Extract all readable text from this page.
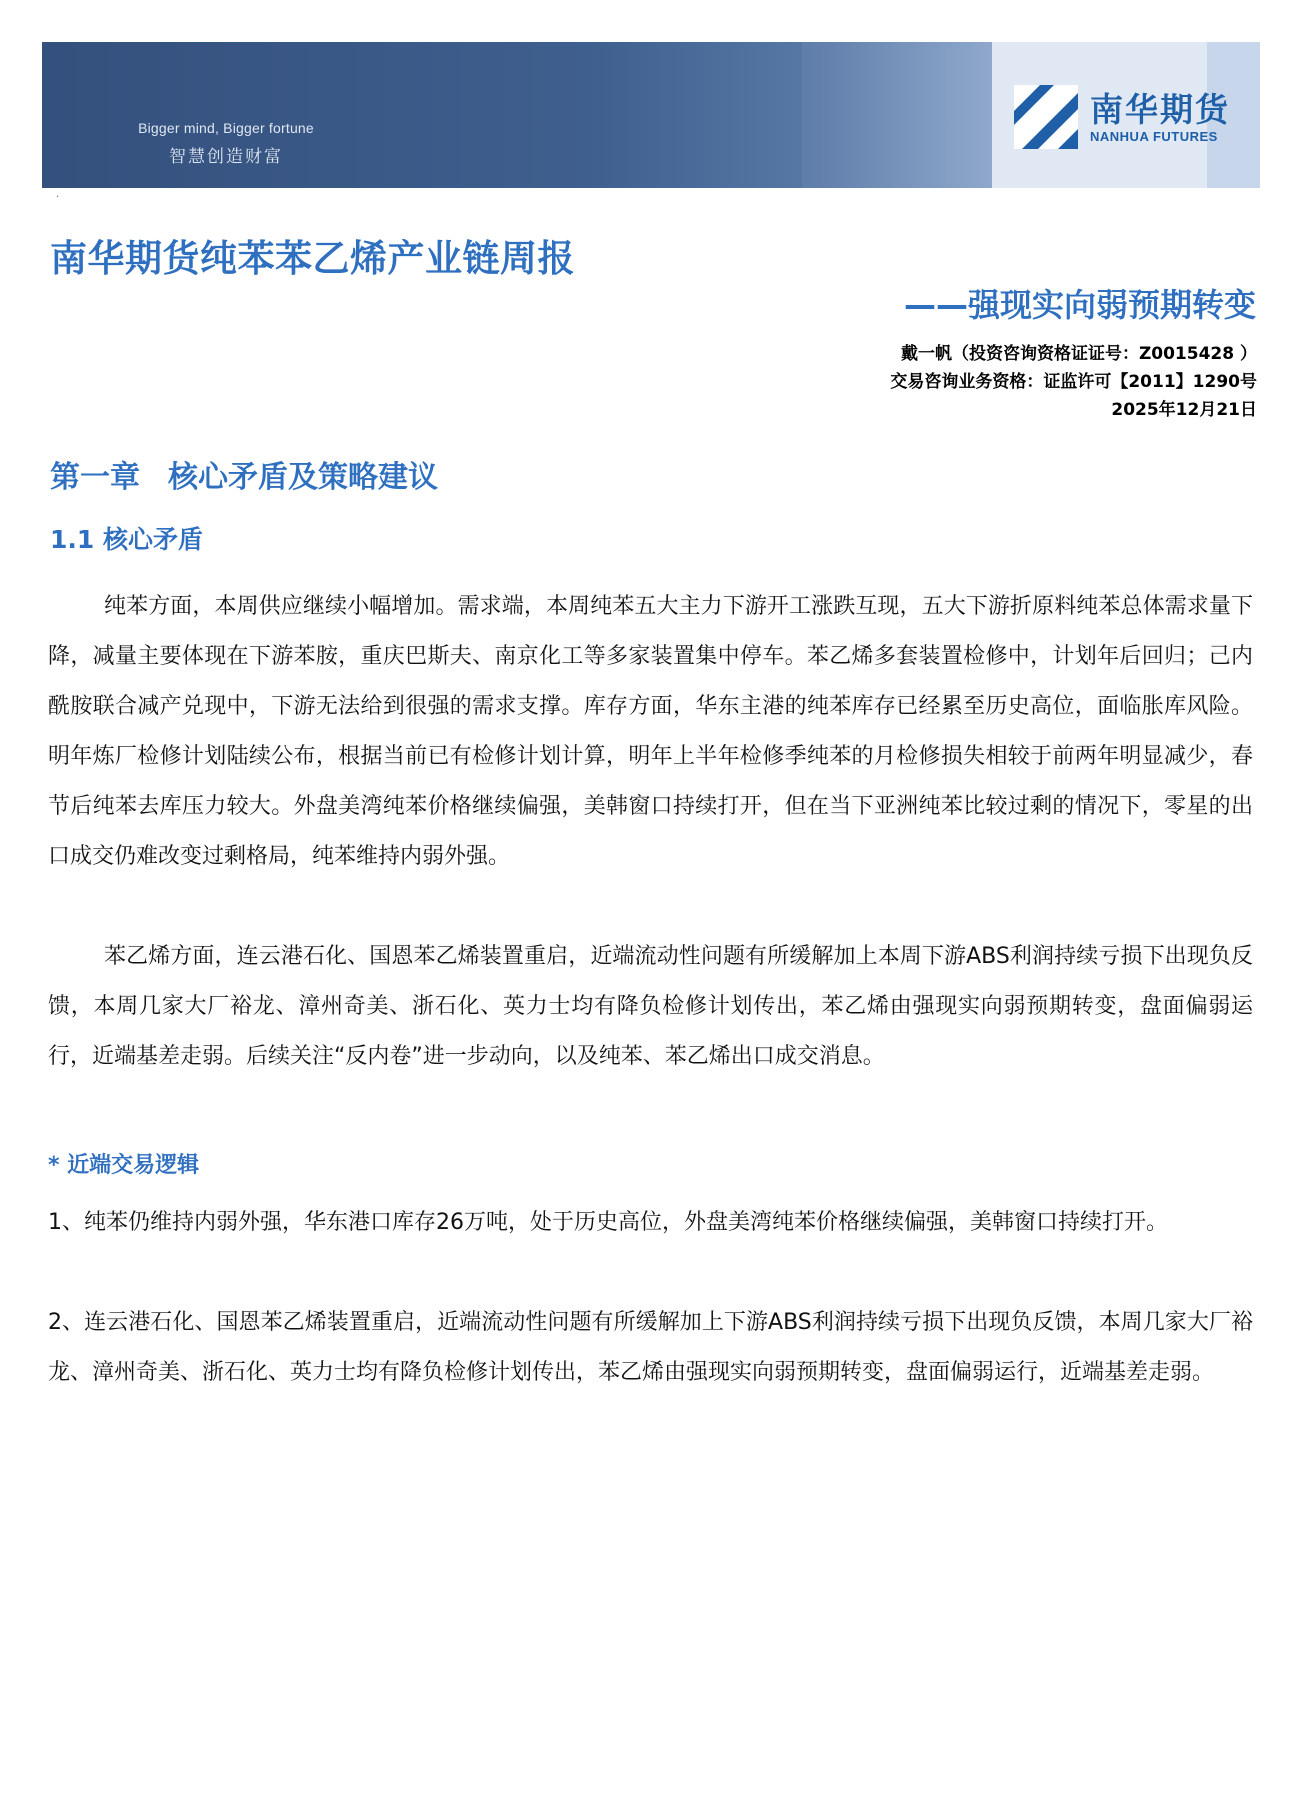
Bigger mind, Bigger fortune
智慧创造财富
南华期货
NANHUA FUTURES
·
南华期货纯苯苯乙烯产业链周报
——强现实向弱预期转变
戴一帆（投资咨询资格证证号：Z0015428 ）
交易咨询业务资格：证监许可【2011】1290号
2025年12月21日
第一章 核心矛盾及策略建议
1.1 核心矛盾
纯苯方面，本周供应继续小幅增加。需求端，本周纯苯五大主力下游开工涨跌互现，五大下游折原料纯苯总体需求量下降，减量主要体现在下游苯胺，重庆巴斯夫、南京化工等多家装置集中停车。苯乙烯多套装置检修中，计划年后回归；己内酰胺联合减产兑现中，下游无法给到很强的需求支撑。库存方面，华东主港的纯苯库存已经累至历史高位，面临胀库风险。明年炼厂检修计划陆续公布，根据当前已有检修计划计算，明年上半年检修季纯苯的月检修损失相较于前两年明显减少，春节后纯苯去库压力较大。外盘美湾纯苯价格继续偏强，美韩窗口持续打开，但在当下亚洲纯苯比较过剩的情况下，零星的出口成交仍难改变过剩格局，纯苯维持内弱外强。
苯乙烯方面，连云港石化、国恩苯乙烯装置重启，近端流动性问题有所缓解加上本周下游ABS利润持续亏损下出现负反馈，本周几家大厂裕龙、漳州奇美、浙石化、英力士均有降负检修计划传出，苯乙烯由强现实向弱预期转变，盘面偏弱运行，近端基差走弱。后续关注“反内卷”进一步动向，以及纯苯、苯乙烯出口成交消息。
* 近端交易逻辑
1、纯苯仍维持内弱外强，华东港口库存26万吨，处于历史高位，外盘美湾纯苯价格继续偏强，美韩窗口持续打开。
2、连云港石化、国恩苯乙烯装置重启，近端流动性问题有所缓解加上下游ABS利润持续亏损下出现负反馈，本周几家大厂裕龙、漳州奇美、浙石化、英力士均有降负检修计划传出，苯乙烯由强现实向弱预期转变，盘面偏弱运行，近端基差走弱。
